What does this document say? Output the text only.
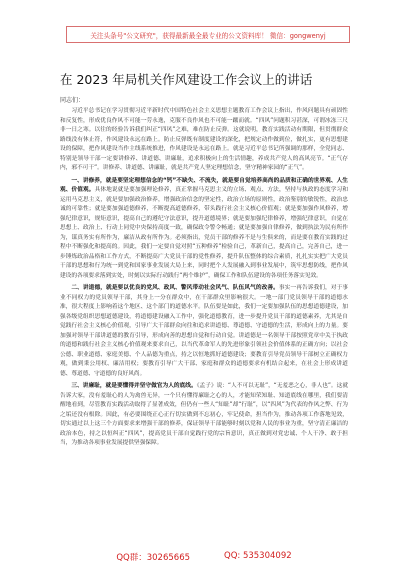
关注头条号"公文研究"，获得最新最全最专业的公文资料库！ 微信：gongwenyj
在 2023 年局机关作风建设工作会议上的讲话
同志们：

习近平总书记在学习贯彻习近平新时代中国特色社会主义思想主题教育工作会议上指出，作风问题具有顽固性和反复性，形成优良作风不可能一劳永逸，克服不良作风也不可能一蹴而就。“四风”问题积习甚深，可谓冰冻三尺非一日之寒。以往的经验告诉我们纠正“四风”之难，难在防止反弹。这就说明，教育实践活动有期限，但贯彻群众路线没有休止符，作风建设永远在路上。防止反弹既有制度建设的深化，把规定动作做到位，做扎实，更有思想建设的保障，把作风建设当作主线系统推进，作风建设是永远在路上。就是习近平总书记所强调的那样，全党同志、特别是领导干部一定要讲修养、讲道德、讲廉耻，追求积极向上的生活情趣，养成共产党人的高风亮节。“正气存内，邪不可干”。讲修养、讲道德、讲廉耻，就是共产党人坚定理想信念，坚守精神家园的“正气”。

一、讲修养，就是要坚定理想信念的“钙”不缺失、不流失，就是要自觉培养高尚的品质和正确的世界观、人生观、价值观。具体地说就是要加强理论修养，真正掌握马克思主义的立场、观点、方法，坚持与执政的态度学习和运用马克思主义，就是要加强政治修养，增强政治信念的坚定性，政治立场的原则性，政治鉴别的敏锐性，政治忠诚的可靠性；就是要加强道德修养，不断提高道德修养，带头践行社会主义核心价值观；就是要加强作风修养，增强纪律意识，规矩意识，提高自己的遵纪守法意识，提升道德境界；就是要加强纪律修养，增强纪律意识，自觉在思想上、政治上、行动上同党中央保持高度一致，确保政令警令畅通；就是要加强自律修养，做到执法为民有所作为，谋真务实有所作为，廉洁从政有所作为。必须指出，党员干部的修养不是与生俱来的，而是要在教育实践的过程中不断强化和提高的。因此，我们一定要自觉对照“五种修养”检验自己，革新自己，提高自己，完善自己，进一步锤炼政治品格和工作方式，不断提高广大党员干部的党性修养，提升队伍整体的综合素质，扎扎实实把广大党员干部的思想和行为统一到党和国家事业发展大局上来，同时把个人发展融入到事业发展中，筑牢思想防线，把作风建设的各项要求落到实处，时刻以实际行动践行“两个维护”，确保工作和队伍建设的各项任务落实见效。

二、讲道德，就是要以优良的党风、政风、警风带动社会风气、队伍风气的改善。事实一再告诉我们，对于事业不同权力的党员领导干部，其身上一分在群众中，在干部群众里影响很大。一地一部门党员领导干部的道德水准，很大程度上影响着这个地区、这个部门的道德水平。队伍要是如此，我们一定要加强队伍的思想道德建设，加强各级党组织思想道德建设，将道德建设融入工作中，强化道德教育，进一步提升党员干部的道德素养，尤其是自觉践行社会主义核心价值观，引导广大干部群众向往和追求讲道德、尊道德、守道德的生活，形成向上的力量。要加强对领导干部讲道德的教育引导，形成向善的思想自觉和行动自觉。讲道德是一名领导干部按照党章中关于执政的道德和践行社会主义核心价值观来要求自己，以当代革命军人的先进形象引领社会价值体系的正确方向；以社会公德、职业道德、家庭美德、个人品德为重点，持之以恒地抓好道德建设；要教育引导党员领导干部树立正确权力观，做到秉公用权、廉洁用权；要教育引导广大干部、家庭和群众的道德要求有机结合起来，在社会上形成讲道德、尊道德、守道德的良好风尚。

三、讲廉耻，就是要懂得并坚守做官为人的底线。《孟子》说：“人不可以无耻”，“无羞恶之心，非人也”。这就告诉大家，没有羞耻心的人为禽兽无异，一个只有懂得廉耻之心的人，才能知荣知耻、知道底线在哪里，我们要清醒地看到，尽管教育实践活动取得了显著成效，但仍有一些人“知耻”却“行耻”，以“四风”为代表的作风之弊、行为之垢还没有根除。因此，有必要围绕正心正行切实做到不忘初心，牢记使命，担当作为，推动各项工作落地见效，切实通过以上这三个方面要求来增强干部的修养，保证领导干部能够时刻以党和人民的事业为重，坚守清正廉洁的政治本色，持之以恒纠正“四风”，提高党员干部自觉践行党的宗旨意识，真正做到对党忠诚、个人干净、敢于担当，为推动各项事业发展提供坚强保障。

QQ群：30265665	QQ: 535304092
